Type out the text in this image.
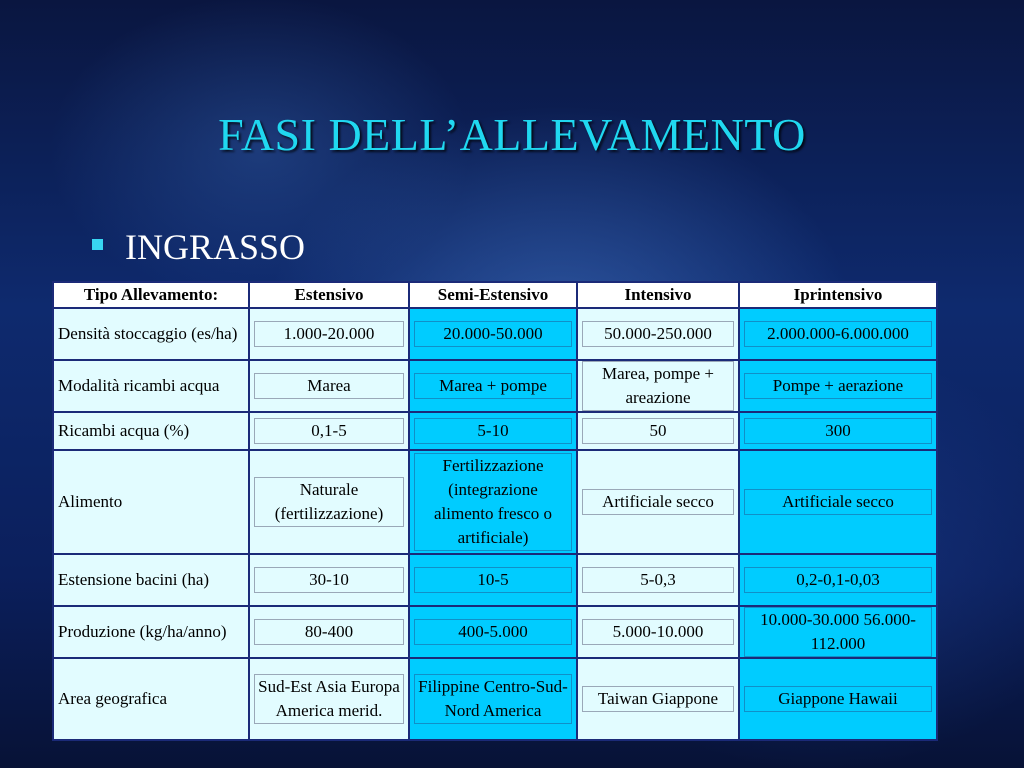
FASI DELL’ALLEVAMENTO
INGRASSO
Tipo Allevamento:	Estensivo	Semi-Estensivo	Intensivo	Iprintensivo
Densità stoccaggio (es/ha)	1.000-20.000	20.000-50.000	50.000-250.000	2.000.000-6.000.000

Modalità ricambi acqua	Marea	Marea + pompe	Marea, pompe + areazione	Pompe + aerazione

Ricambi acqua (%)	0,1-5	5-10	50	300

Alimento	Naturale (fertilizzazione)	Fertilizzazione (integrazione alimento fresco o artificiale)	Artificiale secco	Artificiale secco

Estensione bacini (ha)	30-10	10-5	5-0,3	0,2-0,1-0,03

Produzione (kg/ha/anno)	80-400	400-5.000	5.000-10.000	10.000-30.000 56.000-112.000

Area geografica	Sud-Est Asia Europa America merid.	Filippine Centro-Sud-Nord America	Taiwan Giappone	Giappone Hawaii
